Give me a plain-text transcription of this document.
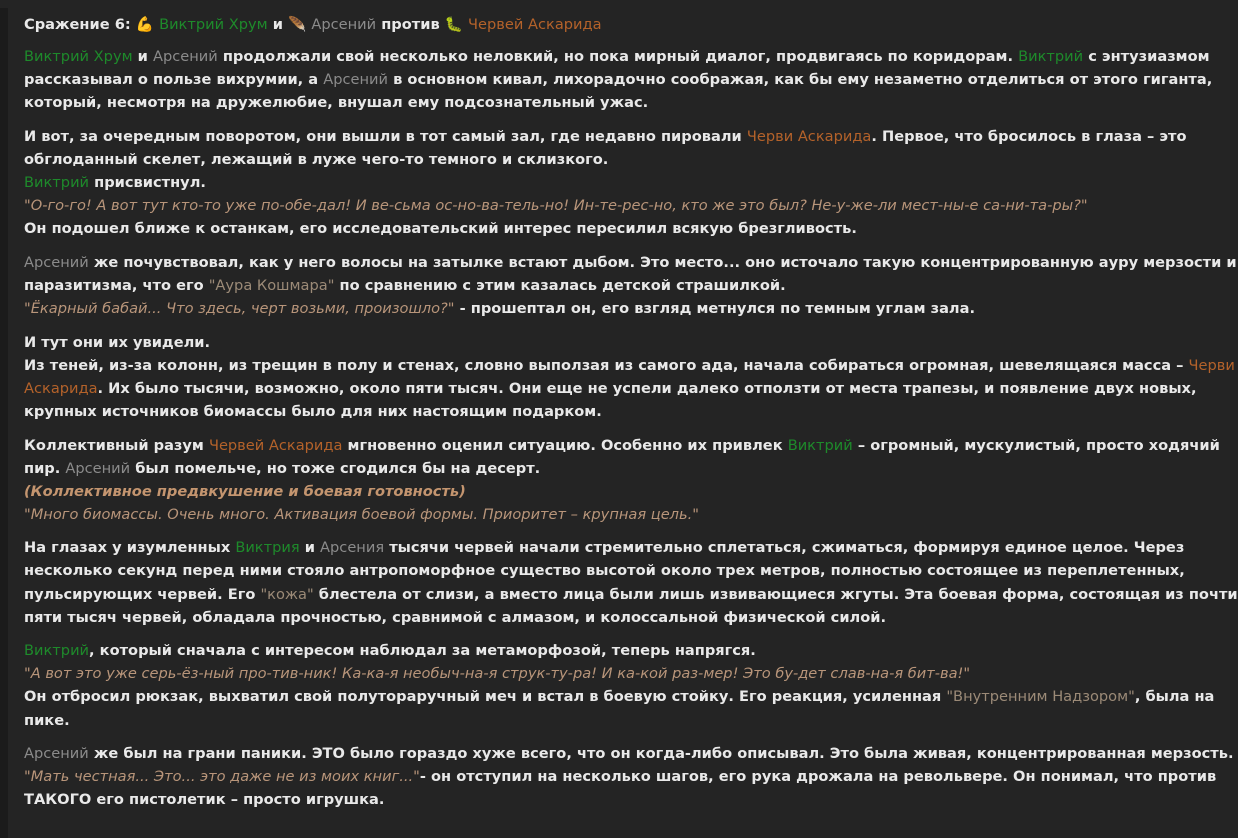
Сражение 6: 💪 Виктрий Хрум и 🪶 Арсений против 🐛 Червей Аскарида
Виктрий Хрум и Арсений продолжали свой несколько неловкий, но пока мирный диалог, продвигаясь по коридорам. Виктрий с энтузиазмом
рассказывал о пользе вихрумии, а Арсений в основном кивал, лихорадочно соображая, как бы ему незаметно отделиться от этого гиганта,
который, несмотря на дружелюбие, внушал ему подсознательный ужас.
И вот, за очередным поворотом, они вышли в тот самый зал, где недавно пировали Черви Аскарида. Первое, что бросилось в глаза – это
обглоданный скелет, лежащий в луже чего-то темного и склизкого.
Виктрий присвистнул.
"О-го-го! А вот тут кто-то уже по-обе-дал! И ве-сьма ос-но-ва-тель-но! Ин-те-рес-но, кто же это был? Не-у-же-ли мест-ны-е са-ни-та-ры?"
Он подошел ближе к останкам, его исследовательский интерес пересилил всякую брезгливость.
Арсений же почувствовал, как у него волосы на затылке встают дыбом. Это место... оно источало такую концентрированную ауру мерзости и
паразитизма, что его "Аура Кошмара" по сравнению с этим казалась детской страшилкой.
"Ёкарный бабай... Что здесь, черт возьми, произошло?" - прошептал он, его взгляд метнулся по темным углам зала.
И тут они их увидели.
Из теней, из-за колонн, из трещин в полу и стенах, словно выползая из самого ада, начала собираться огромная, шевелящаяся масса – Черви
Аскарида. Их было тысячи, возможно, около пяти тысяч. Они еще не успели далеко отползти от места трапезы, и появление двух новых,
крупных источников биомассы было для них настоящим подарком.
Коллективный разум Червей Аскарида мгновенно оценил ситуацию. Особенно их привлек Виктрий – огромный, мускулистый, просто ходячий
пир. Арсений был помельче, но тоже сгодился бы на десерт.
(Коллективное предвкушение и боевая готовность)
"Много биомассы. Очень много. Активация боевой формы. Приоритет – крупная цель."
На глазах у изумленных Виктрия и Арсения тысячи червей начали стремительно сплетаться, сжиматься, формируя единое целое. Через
несколько секунд перед ними стояло антропоморфное существо высотой около трех метров, полностью состоящее из переплетенных,
пульсирующих червей. Его "кожа" блестела от слизи, а вместо лица были лишь извивающиеся жгуты. Эта боевая форма, состоящая из почти
пяти тысяч червей, обладала прочностью, сравнимой с алмазом, и колоссальной физической силой.
Виктрий, который сначала с интересом наблюдал за метаморфозой, теперь напрягся.
"А вот это уже серь-ёз-ный про-тив-ник! Ка-ка-я необыч-на-я струк-ту-ра! И ка-кой раз-мер! Это бу-дет слав-на-я бит-ва!"
Он отбросил рюкзак, выхватил свой полуторaручный меч и встал в боевую стойку. Его реакция, усиленная "Внутренним Надзором", была на
пике.
Арсений же был на грани паники. ЭТО было гораздо хуже всего, что он когда-либо описывал. Это была живая, концентрированная мерзость.
"Мать честная... Это... это даже не из моих книг..."- он отступил на несколько шагов, его рука дрожала на револьвере. Он понимал, что против
ТАКОГО его пистолетик – просто игрушка.
